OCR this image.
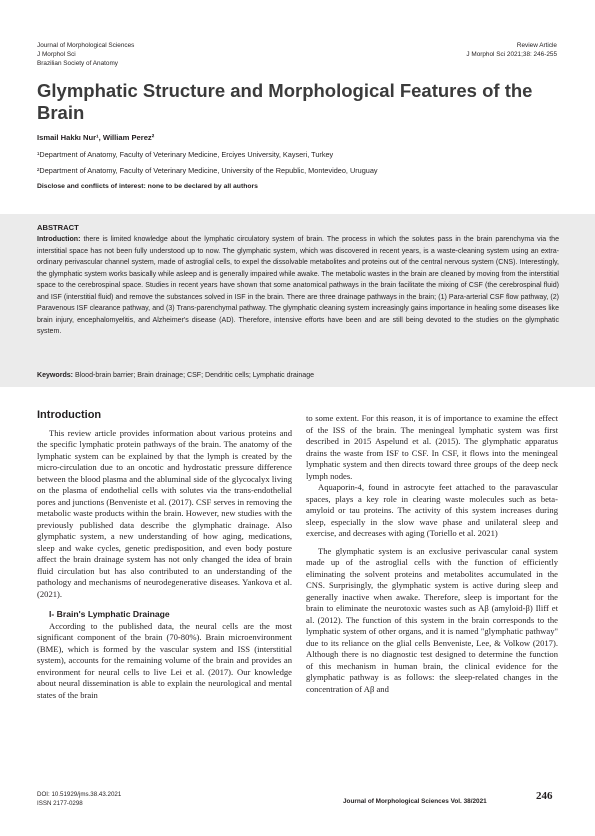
Journal of Morphological Sciences
J Morphol Sci
Brazilian Society of Anatomy
Review Article
J Morphol Sci 2021;38: 246-255
Glymphatic Structure and Morphological Features of the Brain
Ismail Hakkı Nur¹, William Perez²
¹Department of Anatomy, Faculty of Veterinary Medicine, Erciyes University, Kayseri, Turkey
²Department of Anatomy, Faculty of Veterinary Medicine, University of the Republic, Montevideo, Uruguay
Disclose and conflicts of interest: none to be declared by all authors
ABSTRACT
Introduction: there is limited knowledge about the lymphatic circulatory system of brain. The process in which the solutes pass in the brain parenchyma via the interstitial space has not been fully understood up to now. The glymphatic system, which was discovered in recent years, is a waste-cleaning system using an extra-ordinary perivascular channel system, made of astroglial cells, to expel the dissolvable metabolites and proteins out of the central nervous system (CNS). Interestingly, the glymphatic system works basically while asleep and is generally impaired while awake. The metabolic wastes in the brain are cleaned by moving from the interstitial space to the cerebrospinal space. Studies in recent years have shown that some anatomical pathways in the brain facilitate the mixing of CSF (the cerebrospinal fluid) and ISF (interstitial fluid) and remove the substances solved in ISF in the brain. There are three drainage pathways in the brain; (1) Para-arterial CSF flow pathway, (2) Paravenous ISF clearance pathway, and (3) Trans-parenchymal pathway. The glymphatic cleaning system increasingly gains importance in healing some diseases like brain injury, encephalomyelitis, and Alzheimer's disease (AD). Therefore, intensive efforts have been and are still being devoted to the studies on the glymphatic system.
Keywords: Blood-brain barrier; Brain drainage; CSF; Dendritic cells; Lymphatic drainage
Introduction

This review article provides information about various proteins and the specific lymphatic protein pathways of the brain. The anatomy of the lymphatic system can be explained by that the lymph is created by the micro-circulation due to an oncotic and hydrostatic pressure difference between the blood plasma and the abluminal side of the glycocalyx living on the plasma of endothelial cells with solutes via the trans-endothelial pores and junctions (Benveniste et al. (2017). CSF serves in removing the metabolic waste products within the brain. However, new studies with the previously published data describe the glymphatic drainage. Also glymphatic system, a new understanding of how aging, medications, sleep and wake cycles, genetic predisposition, and even body posture affect the brain drainage system has not only changed the idea of brain fluid circulation but has also contributed to an understanding of the pathology and mechanisms of neurodegenerative diseases. Yankova et al. (2021).

I- Brain's Lymphatic Drainage

According to the published data, the neural cells are the most significant component of the brain (70-80%). Brain microenvironment (BME), which is formed by the vascular system and ISS (interstitial system), accounts for the remaining volume of the brain and provides an environment for neural cells to live Lei et al. (2017). Our knowledge about neural dissemination is able to explain the neurological and mental states of the brain

to some extent. For this reason, it is of importance to examine the effect of the ISS of the brain. The meningeal lymphatic system was first described in 2015 Aspelund et al. (2015). The glymphatic apparatus drains the waste from ISF to CSF. In CSF, it flows into the meningeal lymphatic system and then directs toward three groups of the deep neck lymph nodes.

Aquaporin-4, found in astrocyte feet attached to the paravascular spaces, plays a key role in clearing waste molecules such as beta-amyloid or tau proteins. The activity of this system increases during sleep, especially in the slow wave phase and unilateral sleep and exercise, and decreases with aging (Toriello et al. 2021)

The glymphatic system is an exclusive perivascular canal system made up of the astroglial cells with the function of efficiently eliminating the solvent proteins and metabolites accumulated in the CNS. Surprisingly, the glymphatic system is active during sleep and generally inactive when awake. Therefore, sleep is important for the brain to eliminate the neurotoxic wastes such as Aβ (amyloid-β) Iliff et al. (2012). The function of this system in the brain corresponds to the lymphatic system of other organs, and it is named "glymphatic pathway" due to its reliance on the glial cells Benveniste, Lee, & Volkow (2017). Although there is no diagnostic test designed to determine the function of this mechanism in human brain, the clinical evidence for the glymphatic pathway is as follows: the sleep-related changes in the concentration of Aβ and

DOI: 10.51929/jms.38.43.2021
ISSN 2177-0298	Journal of Morphological Sciences Vol. 38/2021	246
